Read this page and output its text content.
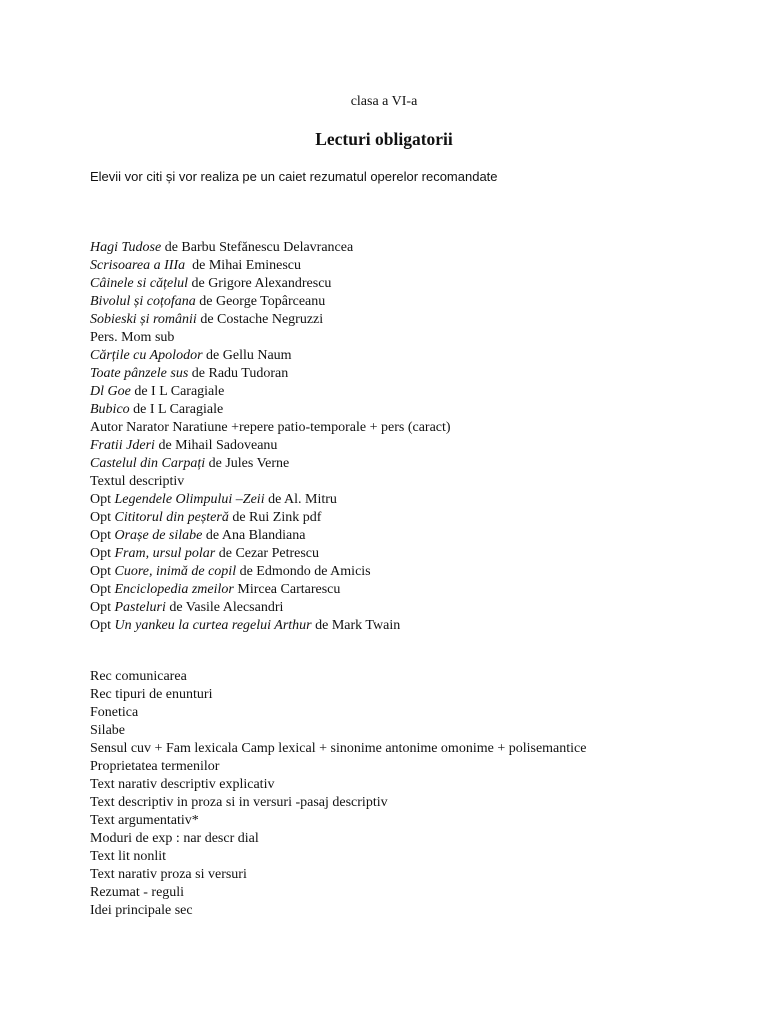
clasa a VI-a
Lecturi obligatorii
Elevii vor citi și vor realiza pe un caiet rezumatul operelor recomandate
Hagi Tudose de Barbu Stefănescu Delavrancea
Scrisoarea a IIIa  de Mihai Eminescu
Câinele si cățelul de Grigore Alexandrescu
Bivolul și coțofana de George Topârceanu
Sobieski și românii de Costache Negruzzi
Pers. Mom sub
Cărțile cu Apolodor de Gellu Naum
Toate pânzele sus de Radu Tudoran
Dl Goe de I L Caragiale
Bubico de I L Caragiale
Autor Narator Naratiune +repere patio-temporale + pers (caract)
Fratii Jderi de Mihail Sadoveanu
Castelul din Carpați de Jules Verne
Textul descriptiv
Opt Legendele Olimpului –Zeii de Al. Mitru
Opt Cititorul din peșteră de Rui Zink pdf
Opt Orașe de silabe de Ana Blandiana
Opt Fram, ursul polar de Cezar Petrescu
Opt Cuore, inimă de copil de Edmondo de Amicis
Opt Enciclopedia zmeilor Mircea Cartarescu
Opt Pasteluri de Vasile Alecsandri
Opt Un yankeu la curtea regelui Arthur de Mark Twain
Rec comunicarea
Rec tipuri de enunturi
Fonetica
Silabe
Sensul cuv + Fam lexicala Camp lexical + sinonime antonime omonime + polisemantice
Proprietatea termenilor
Text narativ descriptiv explicativ
Text descriptiv in proza si in versuri -pasaj descriptiv
Text argumentativ*
Moduri de exp : nar descr dial
Text lit nonlit
Text narativ proza si versuri
Rezumat - reguli
Idei principale sec
